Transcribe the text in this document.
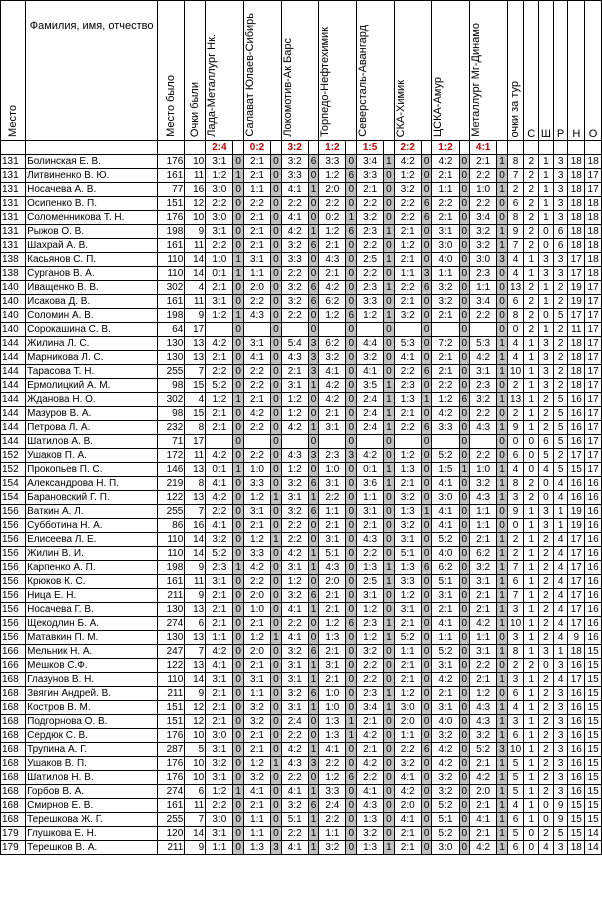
Место	Фамилия, имя, отчество	Место было	Очки были	Лада-Металлург Нк.		Салават Юлаев-Сибирь		Локомотив-Ак Барс		Торпедо-Нефтехимик		Северсталь-Авангард		СКА-Химик		ЦСКА-Амур		Металлург Мг-Динамо		очки за тур	С	Ш	Р	Н	О
				2:4		0:2		3:2		1:2		1:5		2:2		1:2		4:1							
131	Болинская Е. В.	176	10	3:1	0	2:1	0	3:2	6	3:3	0	3:4	1	4:2	0	4:2	0	2:1	1	8	2	1	3	18	18
131	Литвиненко В. Ю.	161	11	1:2	1	2:1	0	3:3	0	1:2	6	3:3	0	1:2	0	2:1	0	2:2	0	7	2	1	3	18	17
131	Носачева А. В.	77	16	3:0	0	1:1	0	4:1	1	2:0	0	2:1	0	3:2	0	1:1	0	1:0	1	2	2	1	3	18	17
131	Осипенко В. П.	151	12	2:2	0	2:2	0	2:2	0	2:2	0	2:2	0	2:2	6	2:2	0	2:2	0	6	2	1	3	18	18
131	Соломенникова Т. Н.	176	10	3:0	0	2:1	0	4:1	0	0:2	1	3:2	0	2:2	6	2:1	0	3:4	0	8	2	1	3	18	18
131	Рыжов О. В.	198	9	3:1	0	2:1	0	4:2	1	1:2	6	2:3	1	2:1	0	3:1	0	3:2	1	9	2	0	6	18	18
131	Шахрай А. В.	161	11	2:2	0	2:1	0	3:2	6	2:1	0	2:2	0	1:2	0	3:0	0	3:2	1	7	2	0	6	18	18
138	Касьянов С. П.	110	14	1:0	1	3:1	0	3:3	0	4:3	0	2:5	1	2:1	0	4:0	0	3:0	3	4	1	3	3	17	18
138	Сурганов В. А.	110	14	0:1	1	1:1	0	2:2	0	2:1	0	2:2	0	1:1	3	1:1	0	2:3	0	4	1	3	3	17	18
140	Иващенко В. В.	302	4	2:1	0	2:0	0	3:2	6	4:2	0	2:3	1	2:2	6	3:2	0	1:1	0	13	2	1	2	19	17
140	Исакова Д. В.	161	11	3:1	0	2:2	0	3:2	6	6:2	0	3:3	0	2:1	0	3:2	0	3:4	0	6	2	1	2	19	17
140	Соломин А. В.	198	9	1:2	1	4:3	0	2:2	0	1:2	6	1:2	1	3:2	0	2:1	0	2:2	0	8	2	0	5	17	17
140	Сорокашина С. В.	64	17		0		0		0		0		0		0		0		0	0	2	1	2	11	17
144	Жилина Л. С.	130	13	4:2	0	3:1	0	5:4	3	6:2	0	4:4	0	5:3	0	7:2	0	5:3	1	4	1	3	2	18	17
144	Марникова Л. С.	130	13	2:1	0	4:1	0	4:3	3	3:2	0	3:2	0	4:1	0	2:1	0	4:2	1	4	1	3	2	18	17
144	Тарасова Т. Н.	255	7	2:2	0	2:2	0	2:1	3	4:1	0	4:1	0	2:2	6	2:1	0	3:1	1	10	1	3	2	18	17
144	Ермолицкий А. М.	98	15	5:2	0	2:2	0	3:1	1	4:2	0	3:5	1	2:3	0	2:2	0	2:3	0	2	1	3	2	18	17
144	Жданова Н. О.	302	4	1:2	1	2:1	0	1:2	0	4:2	0	2:4	1	1:3	1	1:2	6	3:2	1	13	1	2	5	16	17
144	Мазуров В. А.	98	15	2:1	0	4:2	0	1:2	0	2:1	0	2:4	1	2:1	0	4:2	0	2:2	0	2	1	2	5	16	17
144	Петрова Л. А.	232	8	2:1	0	2:2	0	4:2	1	3:1	0	2:4	1	2:2	6	3:3	0	4:3	1	9	1	2	5	16	17
144	Шатилов А. В.	71	17		0		0		0		0		0		0		0		0	0	0	6	5	16	17
152	Ушаков П. А.	172	11	4:2	0	2:2	0	4:3	3	2:3	3	4:2	0	1:2	0	5:2	0	2:2	0	6	0	5	2	17	17
152	Прокопьев П. С.	146	13	0:1	1	1:0	0	1:2	0	1:0	0	0:1	1	1:3	0	1:5	1	1:0	1	4	0	4	5	15	17
154	Александрова Н. П.	219	8	4:1	0	3:3	0	3:2	6	3:1	0	3:6	1	2:1	0	4:1	0	3:2	1	8	2	0	4	16	16
154	Барановский Г. П.	122	13	4:2	0	1:2	1	3:1	1	2:2	0	1:1	0	3:2	0	3:0	0	4:3	1	3	2	0	4	16	16
156	Ваткин А. Л.	255	7	2:2	0	3:1	0	3:2	6	1:1	0	3:1	0	1:3	1	4:1	0	1:1	0	9	1	3	1	19	16
156	Субботина Н. А.	86	16	4:1	0	2:1	0	2:2	0	2:1	0	2:1	0	3:2	0	4:1	0	1:1	0	0	1	3	1	19	16
156	Елисеева Л. Е.	110	14	3:2	0	1:2	1	2:2	0	3:1	0	4:3	0	3:1	0	5:2	0	2:1	1	2	1	2	4	17	16
156	Жилин В. И.	110	14	5:2	0	3:3	0	4:2	1	5:1	0	2:2	0	5:1	0	4:0	0	6:2	1	2	1	2	4	17	16
156	Карпенко А. П.	198	9	2:3	1	4:2	0	3:1	1	4:3	0	1:3	1	1:3	6	6:2	0	3:2	1	7	1	2	4	17	16
156	Крюков К. С.	161	11	3:1	0	2:2	0	1:2	0	2:0	0	2:5	1	3:3	0	5:1	0	3:1	1	6	1	2	4	17	16
156	Ница Е. Н.	211	9	2:1	0	2:0	0	3:2	6	2:1	0	3:1	0	1:2	0	3:1	0	2:1	1	7	1	2	4	17	16
156	Носачева Г. В.	130	13	2:1	0	1:0	0	4:1	1	2:1	0	1:2	0	3:1	0	2:1	0	2:1	1	3	1	2	4	17	16
156	Щекодлин Б. А.	274	6	2:1	0	2:1	0	2:2	0	1:2	6	2:3	1	2:1	0	4:1	0	4:2	1	10	1	2	4	17	16
156	Матавкин П. М.	130	13	1:1	0	1:2	1	4:1	0	1:3	0	1:2	1	5:2	0	1:1	0	1:1	0	3	1	2	4	9	16
166	Мельник Н. А.	247	7	4:2	0	2:0	0	3:2	6	2:1	0	3:2	0	1:1	0	5:2	0	3:1	1	8	1	3	1	18	15
166	Мешков С.Ф.	122	13	4:1	0	2:1	0	3:1	1	3:1	0	2:2	0	2:1	0	3:1	0	2:2	0	2	2	0	3	16	15
168	Глазунов В. Н.	110	14	3:1	0	3:1	0	3:1	1	2:1	0	2:2	0	2:1	0	4:2	0	2:1	1	3	1	2	4	17	15
168	Звягин Андрей. В.	211	9	2:1	0	1:1	0	3:2	6	1:0	0	2:3	1	1:2	0	2:1	0	1:2	0	6	1	2	3	16	15
168	Костров В. М.	151	12	2:1	0	3:2	0	3:1	1	1:0	0	3:4	1	3:0	0	3:1	0	4:3	1	4	1	2	3	16	15
168	Подгорнова О. В.	151	12	2:1	0	3:2	0	2:4	0	1:3	1	2:1	0	2:0	0	4:0	0	4:3	1	3	1	2	3	16	15
168	Сердюк С. В.	176	10	3:0	0	2:1	0	2:2	0	1:3	1	4:2	0	1:1	0	3:2	0	3:2	1	6	1	2	3	16	15
168	Трупина А. Г.	287	5	3:1	0	2:1	0	4:2	1	4:1	0	2:1	0	2:2	6	4:2	0	5:2	3	10	1	2	3	16	15
168	Ушаков В. П.	176	10	3:2	0	1:2	1	4:3	3	2:2	0	4:2	0	3:2	0	4:2	0	2:1	1	5	1	2	3	16	15
168	Шатилов Н. В.	176	10	3:1	0	3:2	0	2:2	0	1:2	6	2:2	0	4:1	0	3:2	0	4:2	1	5	1	2	3	16	15
168	Горбов В. А.	274	6	1:2	1	4:1	0	4:1	1	3:3	0	4:1	0	4:2	0	3:2	0	2:0	1	5	1	2	3	16	15
168	Смирнов Е. В.	161	11	2:2	0	2:1	0	3:2	6	2:4	0	4:3	0	2:0	0	5:2	0	2:1	1	4	1	0	9	15	15
168	Терешкова Ж. Г.	255	7	3:0	0	1:1	0	5:1	1	2:2	0	1:3	0	4:1	0	5:1	0	4:1	1	6	1	0	9	15	15
179	Глушкова Е. Н.	120	14	3:1	0	1:1	0	2:2	1	1:1	0	3:2	0	2:1	0	5:2	0	2:1	1	5	0	2	5	15	14
179	Терешков В. А.	211	9	1:1	0	1:3	3	4:1	1	3:2	0	1:3	1	2:1	0	3:0	0	4:2	1	6	0	4	3	18	14
